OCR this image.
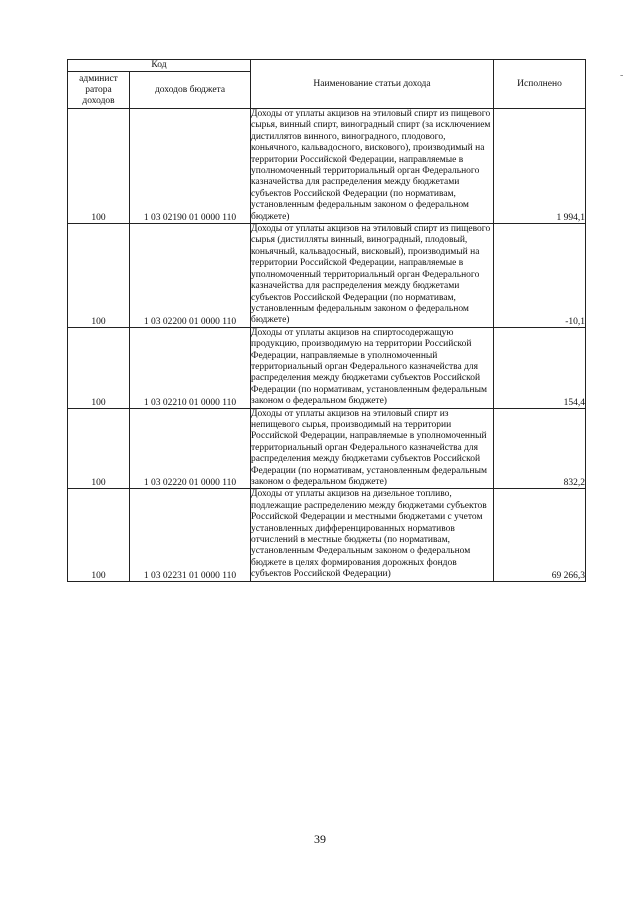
-
Код		Наименование статьи дохода	Исполнено
админист ратора доходов	доходов бюджета		
100	1 03 02190 01 0000 110	Доходы от уплаты акцизов на этиловый спирт из пищевого сырья, винный спирт, виноградный спирт (за исключением дистиллятов винного, виноградного, плодового, коньячного, кальвадосного, вискового), производимый на территории Российской Федерации, направляемые в уполномоченный территориальный орган Федерального казначейства для распределения между бюджетами субъектов Российской Федерации (по нормативам, установленным федеральным законом о федеральном бюджете)	1 994,1
100	1 03 02200 01 0000 110	Доходы от уплаты акцизов на этиловый спирт из пищевого сырья (дистилляты винный, виноградный, плодовый, коньячный, кальвадосный, висковый), производимый на территории Российской Федерации, направляемые в уполномоченный территориальный орган Федерального казначейства для распределения между бюджетами субъектов Российской Федерации (по нормативам, установленным федеральным законом о федеральном бюджете)	-10,1
100	1 03 02210 01 0000 110	Доходы от уплаты акцизов на спиртосодержащую продукцию, производимую на территории Российской Федерации, направляемые в уполномоченный территориальный орган Федерального казначейства для распределения между бюджетами субъектов Российской Федерации (по нормативам, установленным федеральным законом о федеральном бюджете)	154,4
100	1 03 02220 01 0000 110	Доходы от уплаты акцизов на этиловый спирт из непищевого сырья, производимый на территории Российской Федерации, направляемые в уполномоченный территориальный орган Федерального казначейства для распределения между бюджетами субъектов Российской Федерации (по нормативам, установленным федеральным законом о федеральном бюджете)	832,2
100	1 03 02231 01 0000 110	Доходы от уплаты акцизов на дизельное топливо, подлежащие распределению между бюджетами субъектов Российской Федерации и местными бюджетами с учетом установленных дифференцированных нормативов отчислений в местные бюджеты (по нормативам, установленным Федеральным законом о федеральном бюджете в целях формирования дорожных фондов субъектов Российской Федерации)	69 266,3
39
